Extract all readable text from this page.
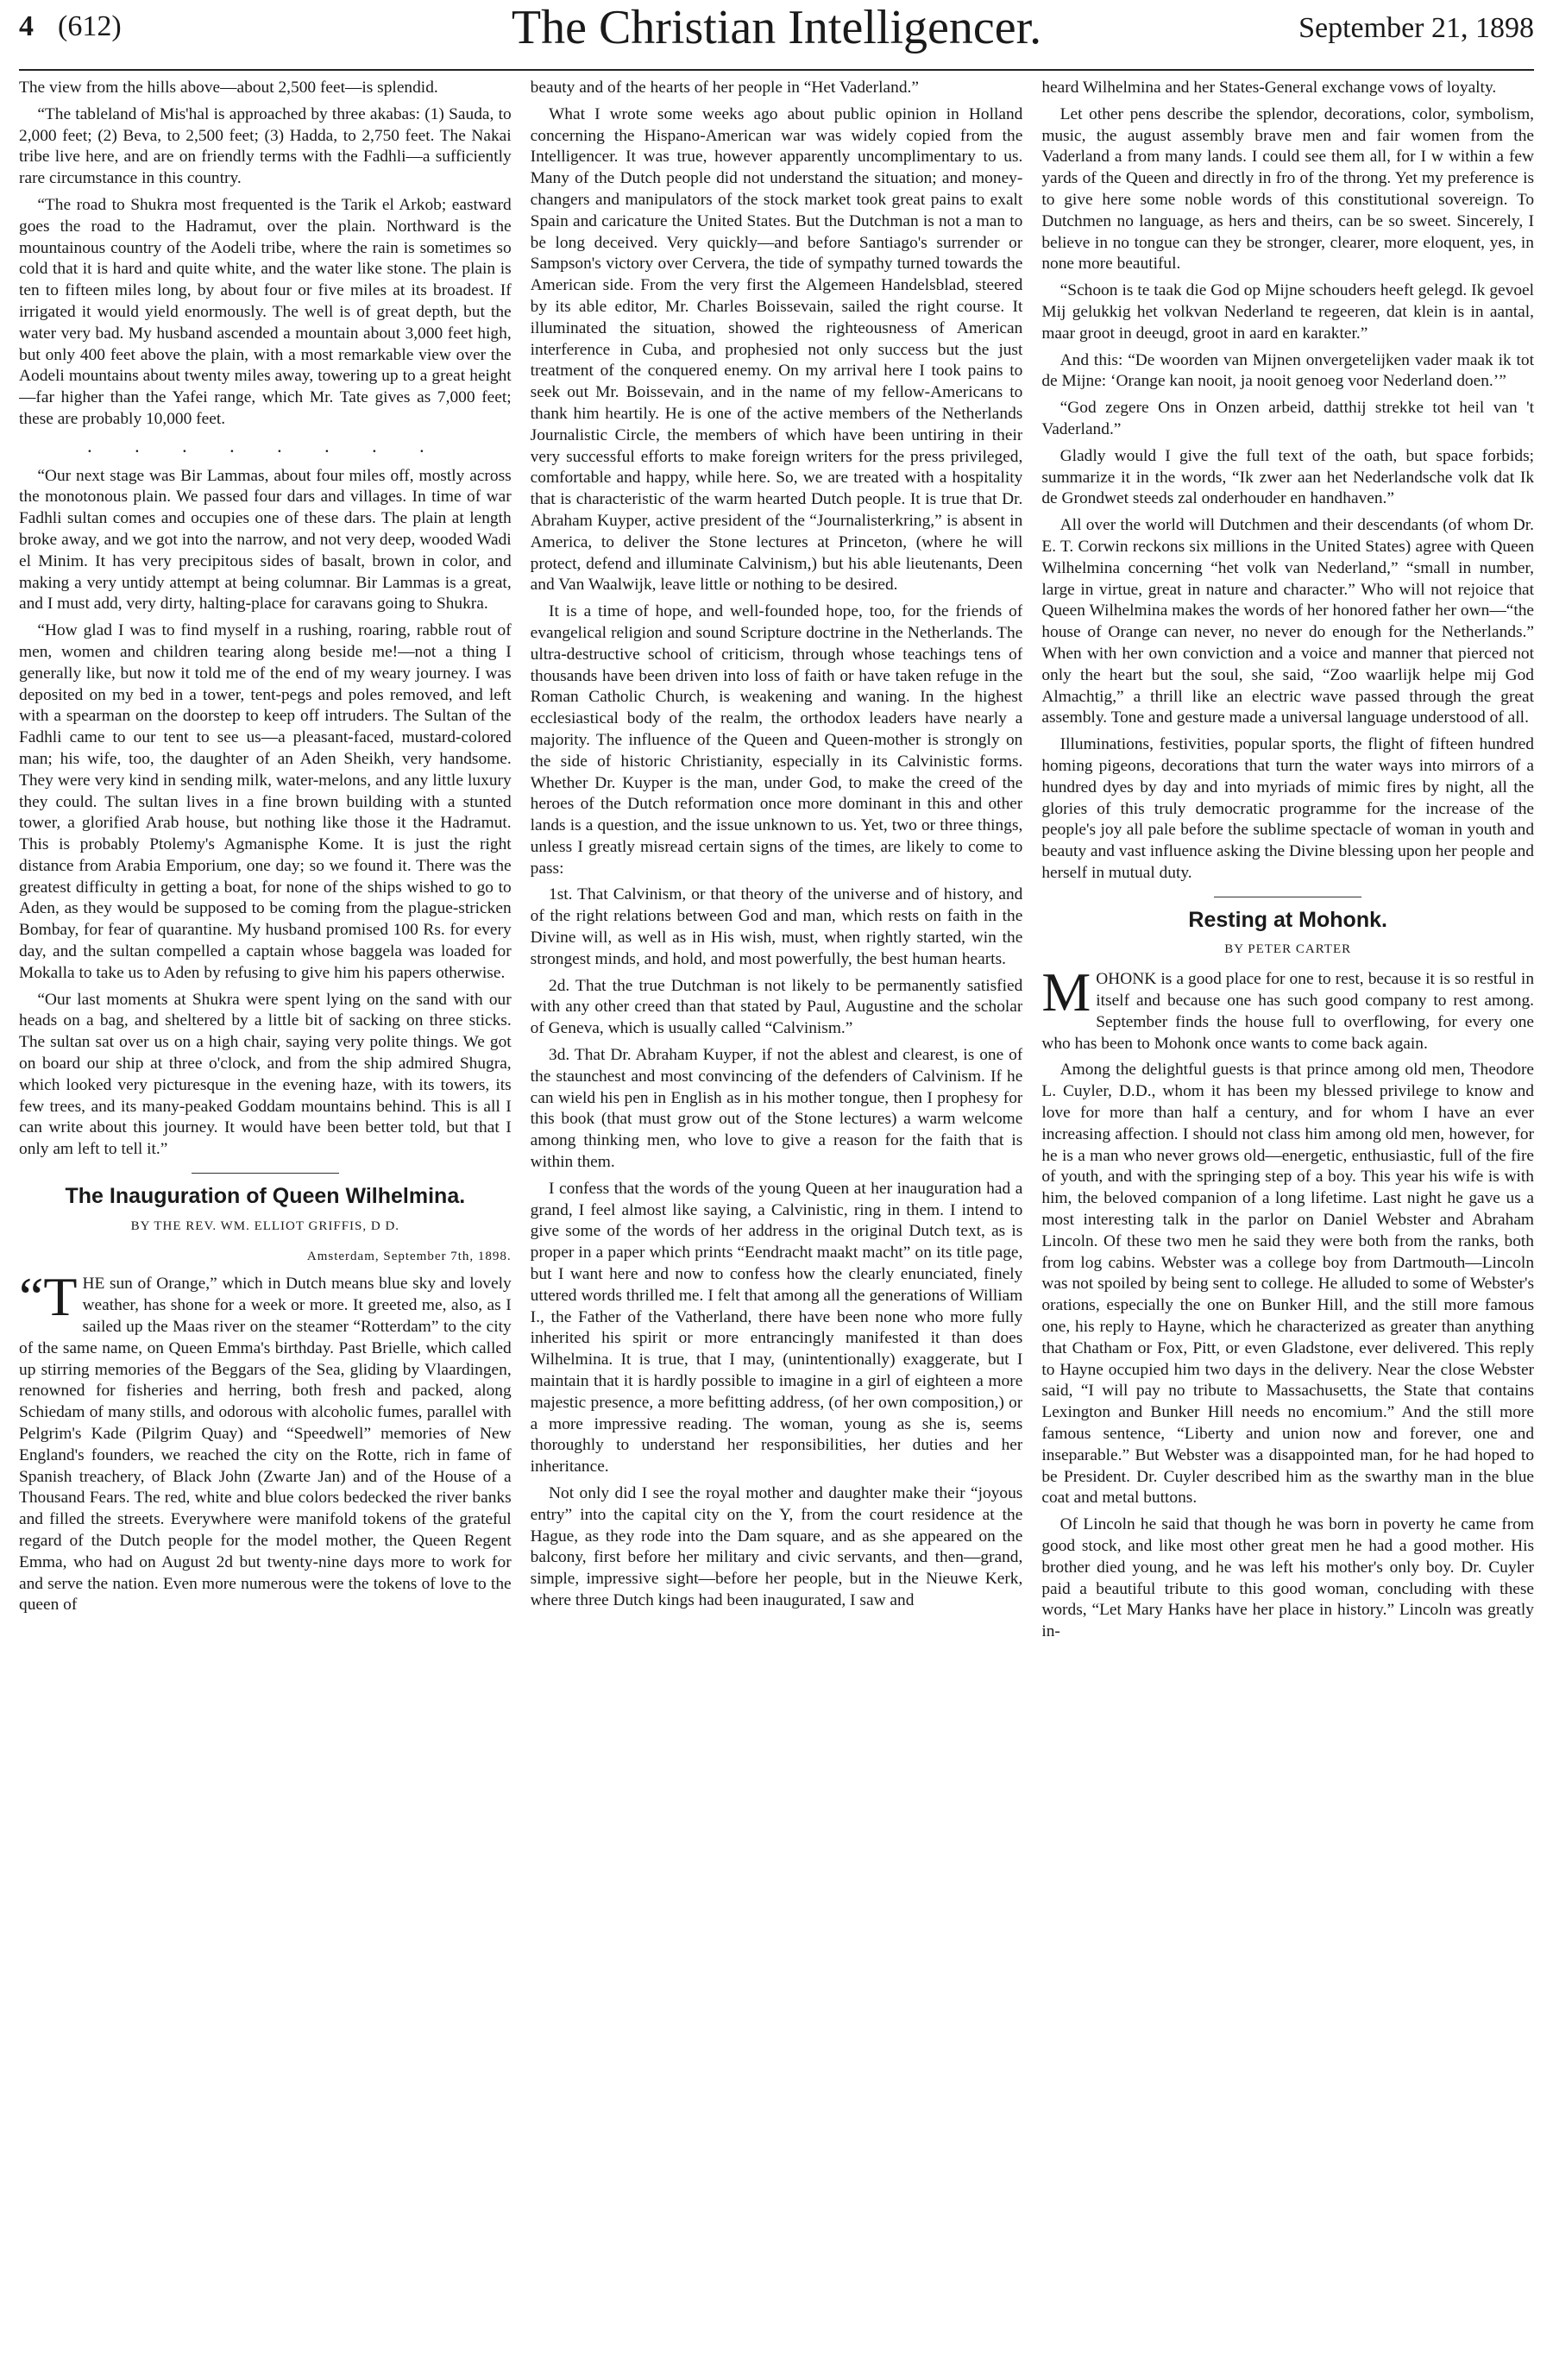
4 (612)	The Christian Intelligencer.	September 21, 1898

The view from the hills above—about 2,500 feet—is splendid.

“The tableland of Mis'hal is approached by three akabas: (1) Sauda, to 2,000 feet; (2) Beva, to 2,500 feet; (3) Hadda, to 2,750 feet. The Nakai tribe live here, and are on friendly terms with the Fadhli—a sufficiently rare circumstance in this country.

“The road to Shukra most frequented is the Tarik el Arkob; eastward goes the road to the Hadramut, over the plain. Northward is the mountainous country of the Aodeli tribe, where the rain is sometimes so cold that it is hard and quite white, and the water like stone. The plain is ten to fifteen miles long, by about four or five miles at its broadest. If irrigated it would yield enormously. The well is of great depth, but the water very bad. My husband ascended a mountain about 3,000 feet high, but only 400 feet above the plain, with a most remarkable view over the Aodeli mountains about twenty miles away, towering up to a great height—far higher than the Yafei range, which Mr. Tate gives as 7,000 feet; these are probably 10,000 feet.

. . . . . . . .

“Our next stage was Bir Lammas, about four miles off, mostly across the monotonous plain. We passed four dars and villages. In time of war Fadhli sultan comes and occupies one of these dars. The plain at length broke away, and we got into the narrow, and not very deep, wooded Wadi el Minim. It has very precipitous sides of basalt, brown in color, and making a very untidy attempt at being columnar. Bir Lammas is a great, and I must add, very dirty, halting-place for caravans going to Shukra.

“How glad I was to find myself in a rushing, roaring, rabble rout of men, women and children tearing along beside me!—not a thing I generally like, but now it told me of the end of my weary journey. I was deposited on my bed in a tower, tent-pegs and poles removed, and left with a spearman on the doorstep to keep off intruders. The Sultan of the Fadhli came to our tent to see us—a pleasant-faced, mustard-colored man; his wife, too, the daughter of an Aden Sheikh, very handsome. They were very kind in sending milk, water-melons, and any little luxury they could. The sultan lives in a fine brown building with a stunted tower, a glorified Arab house, but nothing like those it the Hadramut. This is probably Ptolemy's Agmanisphe Kome. It is just the right distance from Arabia Emporium, one day; so we found it. There was the greatest difficulty in getting a boat, for none of the ships wished to go to Aden, as they would be supposed to be coming from the plague-stricken Bombay, for fear of quarantine. My husband promised 100 Rs. for every day, and the sultan compelled a captain whose baggela was loaded for Mokalla to take us to Aden by refusing to give him his papers otherwise.

“Our last moments at Shukra were spent lying on the sand with our heads on a bag, and sheltered by a little bit of sacking on three sticks. The sultan sat over us on a high chair, saying very polite things. We got on board our ship at three o'clock, and from the ship admired Shugra, which looked very picturesque in the evening haze, with its towers, its few trees, and its many-peaked Goddam mountains behind. This is all I can write about this journey. It would have been better told, but that I only am left to tell it.”

The Inauguration of Queen Wilhelmina.
BY THE REV. WM. ELLIOT GRIFFIS, D D.
Amsterdam, September 7th, 1898.

“THE sun of Orange,” which in Dutch means blue sky and lovely weather, has shone for a week or more. It greeted me, also, as I sailed up the Maas river on the steamer “Rotterdam” to the city of the same name, on Queen Emma's birthday. Past Brielle, which called up stirring memories of the Beggars of the Sea, gliding by Vlaardingen, renowned for fisheries and herring, both fresh and packed, along Schiedam of many stills, and odorous with alcoholic fumes, parallel with Pelgrim's Kade (Pilgrim Quay) and “Speedwell” memories of New England's founders, we reached the city on the Rotte, rich in fame of Spanish treachery, of Black John (Zwarte Jan) and of the House of a Thousand Fears. The red, white and blue colors bedecked the river banks and filled the streets. Everywhere were manifold tokens of the grateful regard of the Dutch people for the model mother, the Queen Regent Emma, who had on August 2d but twenty-nine days more to work for and serve the nation. Even more numerous were the tokens of love to the queen of

beauty and of the hearts of her people in “Het Vaderland.”

What I wrote some weeks ago about public opinion in Holland concerning the Hispano-American war was widely copied from the Intelligencer. It was true, however apparently uncomplimentary to us. Many of the Dutch people did not understand the situation; and money-changers and manipulators of the stock market took great pains to exalt Spain and caricature the United States. But the Dutchman is not a man to be long deceived. Very quickly—and before Santiago's surrender or Sampson's victory over Cervera, the tide of sympathy turned towards the American side. From the very first the Algemeen Handelsblad, steered by its able editor, Mr. Charles Boissevain, sailed the right course. It illuminated the situation, showed the righteousness of American interference in Cuba, and prophesied not only success but the just treatment of the conquered enemy. On my arrival here I took pains to seek out Mr. Boissevain, and in the name of my fellow-Americans to thank him heartily. He is one of the active members of the Netherlands Journalistic Circle, the members of which have been untiring in their very successful efforts to make foreign writers for the press privileged, comfortable and happy, while here. So, we are treated with a hospitality that is characteristic of the warm hearted Dutch people. It is true that Dr. Abraham Kuyper, active president of the “Journalisterkring,” is absent in America, to deliver the Stone lectures at Princeton, (where he will protect, defend and illuminate Calvinism,) but his able lieutenants, Deen and Van Waalwijk, leave little or nothing to be desired.

It is a time of hope, and well-founded hope, too, for the friends of evangelical religion and sound Scripture doctrine in the Netherlands. The ultra-destructive school of criticism, through whose teachings tens of thousands have been driven into loss of faith or have taken refuge in the Roman Catholic Church, is weakening and waning. In the highest ecclesiastical body of the realm, the orthodox leaders have nearly a majority. The influence of the Queen and Queen-mother is strongly on the side of historic Christianity, especially in its Calvinistic forms. Whether Dr. Kuyper is the man, under God, to make the creed of the heroes of the Dutch reformation once more dominant in this and other lands is a question, and the issue unknown to us. Yet, two or three things, unless I greatly misread certain signs of the times, are likely to come to pass:

1st. That Calvinism, or that theory of the universe and of history, and of the right relations between God and man, which rests on faith in the Divine will, as well as in His wish, must, when rightly started, win the strongest minds, and hold, and most powerfully, the best human hearts.

2d. That the true Dutchman is not likely to be permanently satisfied with any other creed than that stated by Paul, Augustine and the scholar of Geneva, which is usually called “Calvinism.”

3d. That Dr. Abraham Kuyper, if not the ablest and clearest, is one of the staunchest and most convincing of the defenders of Calvinism. If he can wield his pen in English as in his mother tongue, then I prophesy for this book (that must grow out of the Stone lectures) a warm welcome among thinking men, who love to give a reason for the faith that is within them.

I confess that the words of the young Queen at her inauguration had a grand, I feel almost like saying, a Calvinistic, ring in them. I intend to give some of the words of her address in the original Dutch text, as is proper in a paper which prints “Eendracht maakt macht” on its title page, but I want here and now to confess how the clearly enunciated, finely uttered words thrilled me. I felt that among all the generations of William I., the Father of the Vatherland, there have been none who more fully inherited his spirit or more entrancingly manifested it than does Wilhelmina. It is true, that I may, (unintentionally) exaggerate, but I maintain that it is hardly possible to imagine in a girl of eighteen a more majestic presence, a more befitting address, (of her own composition,) or a more impressive reading. The woman, young as she is, seems thoroughly to understand her responsibilities, her duties and her inheritance.

Not only did I see the royal mother and daughter make their “joyous entry” into the capital city on the Y, from the court residence at the Hague, as they rode into the Dam square, and as she appeared on the balcony, first before her military and civic servants, and then—grand, simple, impressive sight—before her people, but in the Nieuwe Kerk, where three Dutch kings had been inaugurated, I saw and

heard Wilhelmina and her States-General exchange vows of loyalty.

Let other pens describe the splendor, decorations, color, symbolism, music, the august assembly brave men and fair women from the Vaderland a from many lands. I could see them all, for I w within a few yards of the Queen and directly in fro of the throng. Yet my preference is to give here some noble words of this constitutional sovereign. To Dutchmen no language, as hers and theirs, can be so sweet. Sincerely, I believe in no tongue can they be stronger, clearer, more eloquent, yes, in none more beautiful.

“Schoon is te taak die God op Mijne schouders heeft gelegd. Ik gevoel Mij gelukkig het volkvan Nederland te regeeren, dat klein is in aantal, maar groot in deeugd, groot in aard en karakter.”

And this: “De woorden van Mijnen onvergetelijken vader maak ik tot de Mijne: ‘Orange kan nooit, ja nooit genoeg voor Nederland doen.’”

“God zegere Ons in Onzen arbeid, datthij strekke tot heil van 't Vaderland.”

Gladly would I give the full text of the oath, but space forbids; summarize it in the words, “Ik zwer aan het Nederlandsche volk dat Ik de Grondwet steeds zal onderhouder en handhaven.”

All over the world will Dutchmen and their descendants (of whom Dr. E. T. Corwin reckons six millions in the United States) agree with Queen Wilhelmina concerning “het volk van Nederland,” “small in number, large in virtue, great in nature and character.” Who will not rejoice that Queen Wilhelmina makes the words of her honored father her own—“the house of Orange can never, no never do enough for the Netherlands.” When with her own conviction and a voice and manner that pierced not only the heart but the soul, she said, “Zoo waarlijk helpe mij God Almachtig,” a thrill like an electric wave passed through the great assembly. Tone and gesture made a universal language understood of all.

Illuminations, festivities, popular sports, the flight of fifteen hundred homing pigeons, decorations that turn the water ways into mirrors of a hundred dyes by day and into myriads of mimic fires by night, all the glories of this truly democratic programme for the increase of the people's joy all pale before the sublime spectacle of woman in youth and beauty and vast influence asking the Divine blessing upon her people and herself in mutual duty.

Resting at Mohonk.
BY PETER CARTER

MOHONK is a good place for one to rest, because it is so restful in itself and because one has such good company to rest among. September finds the house full to overflowing, for every one who has been to Mohonk once wants to come back again.

Among the delightful guests is that prince among old men, Theodore L. Cuyler, D.D., whom it has been my blessed privilege to know and love for more than half a century, and for whom I have an ever increasing affection. I should not class him among old men, however, for he is a man who never grows old—energetic, enthusiastic, full of the fire of youth, and with the springing step of a boy. This year his wife is with him, the beloved companion of a long lifetime. Last night he gave us a most interesting talk in the parlor on Daniel Webster and Abraham Lincoln. Of these two men he said they were both from the ranks, both from log cabins. Webster was a college boy from Dartmouth—Lincoln was not spoiled by being sent to college. He alluded to some of Webster's orations, especially the one on Bunker Hill, and the still more famous one, his reply to Hayne, which he characterized as greater than anything that Chatham or Fox, Pitt, or even Gladstone, ever delivered. This reply to Hayne occupied him two days in the delivery. Near the close Webster said, “I will pay no tribute to Massachusetts, the State that contains Lexington and Bunker Hill needs no encomium.” And the still more famous sentence, “Liberty and union now and forever, one and inseparable.” But Webster was a disappointed man, for he had hoped to be President. Dr. Cuyler described him as the swarthy man in the blue coat and metal buttons.

Of Lincoln he said that though he was born in poverty he came from good stock, and like most other great men he had a good mother. His brother died young, and he was left his mother's only boy. Dr. Cuyler paid a beautiful tribute to this good woman, concluding with these words, “Let Mary Hanks have her place in history.” Lincoln was greatly in-
